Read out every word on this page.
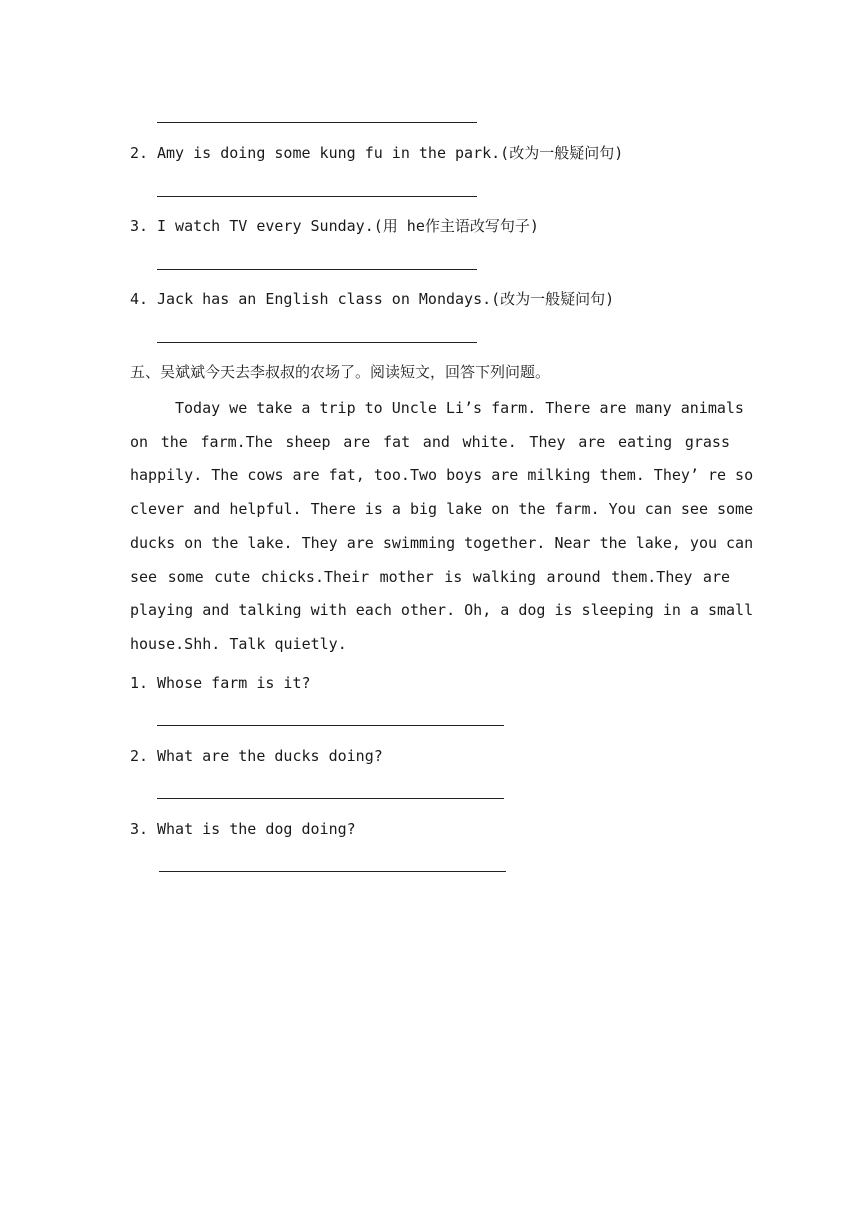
2. Amy is doing some kung fu in the park.(改为一般疑问句)
3. I watch TV every Sunday.(用 he作主语改写句子)
4. Jack has an English class on Mondays.(改为一般疑问句)
五、吴斌斌今天去李叔叔的农场了。阅读短文，回答下列问题。
Today we take a trip to Uncle Li’s farm. There are many animals
on the farm.The sheep are fat and white. They are eating grass
happily. The cows are fat, too.Two boys are milking them. They’ re so
clever and helpful. There is a big lake on the farm. You can see some
ducks on the lake. They are swimming together. Near the lake, you can
see some cute chicks.Their mother is walking around them.They are
playing and talking with each other. Oh, a dog is sleeping in a small
house.Shh. Talk quietly.
1. Whose farm is it?
2. What are the ducks doing?
3. What is the dog doing?
